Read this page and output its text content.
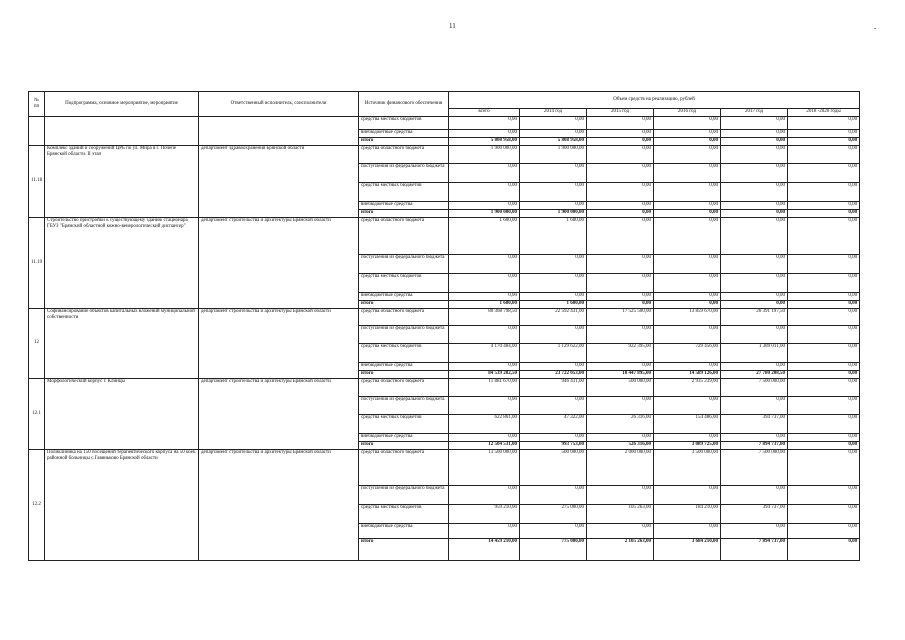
11	-
№ пп	Подпрограмма, основное мероприятие, мероприятие	Ответственный исполнитель, соисполнители	Источник финансового обеспечения	Объем средств на реализацию, рублей					
				всего	2014 год	2015 год	2016 год	2017 год	2018 -2020 годы
			средства местных бюджетов	0,00	0,00	0,00	0,00	0,00	0,00
			внебюджетные средства	0,00	0,00	0,00	0,00	0,00	0,00
			итого	5 808 958,00	5 808 958,00	0,00	0,00	0,00	0,00
11.18	Комплекс зданий и сооружений ЦРБ по ул. Мира в г. Почепе Брянской области. II этап	департамент здравоохранения Брянской области	средства областного бюджета	1 900 000,00	1 900 000,00	0,00	0,00	0,00	0,00
			поступления из федерального бюджета	0,00	0,00	0,00	0,00	0,00	0,00
			средства местных бюджетов	0,00	0,00	0,00	0,00	0,00	0,00
			внебюджетные средства	0,00	0,00	0,00	0,00	0,00	0,00
			итого	1 900 000,00	1 900 000,00	0,00	0,00	0,00	0,00
11.19	Строительство пристройки к существующему зданию стационара ГБУЗ "Брянский областной кожно-венерологический диспансер"	департамент строительства и архитектуры Брянской области	средства областного бюджета	1 600,00	1 600,00	0,00	0,00	0,00	0,00
			поступления из федерального бюджета	0,00	0,00	0,00	0,00	0,00	0,00
			средства местных бюджетов	0,00	0,00	0,00	0,00	0,00	0,00
			внебюджетные средства	0,00	0,00	0,00	0,00	0,00	0,00
			итого	1 600,00	1 600,00	0,00	0,00	0,00	0,00
12	Софинансирование объектов капитальных вложений муниципальной собственности	департамент строительства и архитектуры Брянской области	средства областного бюджета	80 368 798,50	22 592 431,00	17 525 500,00	13 859 670,00	26 391 197,50	0,00
			поступления из федерального бюджета	0,00	0,00	0,00	0,00	0,00	0,00
			средства местных бюджетов	4 170 484,00	1 129 622,00	922 395,00	729 456,00	1 389 011,00	0,00
			внебюджетные средства	0,00	0,00	0,00	0,00	0,00	0,00
			итого	84 539 282,50	23 722 053,00	18 447 895,00	14 589 126,00	27 780 208,50	0,00
12.1	Морфологический корпус г. Клинцы	департамент строительства и архитектуры Брянской области	средства областного бюджета	11 881 670,00	946 431,00	500 000,00	2 935 239,00	7 500 000,00	0,00
			поступления из федерального бюджета	0,00	0,00	0,00	0,00	0,00	0,00
			средства местных бюджетов	622 861,00	47 322,00	26 316,00	154 486,00	394 737,00	0,00
			внебюджетные средства	0,00	0,00	0,00	0,00	0,00	0,00
			итого	12 504 531,00	993 753,00	526 316,00	3 089 725,00	7 894 737,00	0,00
12.2	Поликлиника на 150 посещений терапевтического корпуса на 50 коек районной больницы с.Гавяньково Брянской области	департамент строительства и архитектуры Брянской области	средства областного бюджета	13 500 000,00	500 000,00	2 000 000,00	3 500 000,00	7 500 000,00	0,00
			поступления из федерального бюджета	0,00	0,00	0,00	0,00	0,00	0,00
			средства местных бюджетов	959 210,00	275 000,00	105 263,00	184 210,00	394 737,00	0,00
			внебюджетные средства	0,00	0,00	0,00	0,00	0,00	0,00
			итого	14 459 210,00	775 000,00	2 105 263,00	3 684 210,00	7 894 737,00	0,00
